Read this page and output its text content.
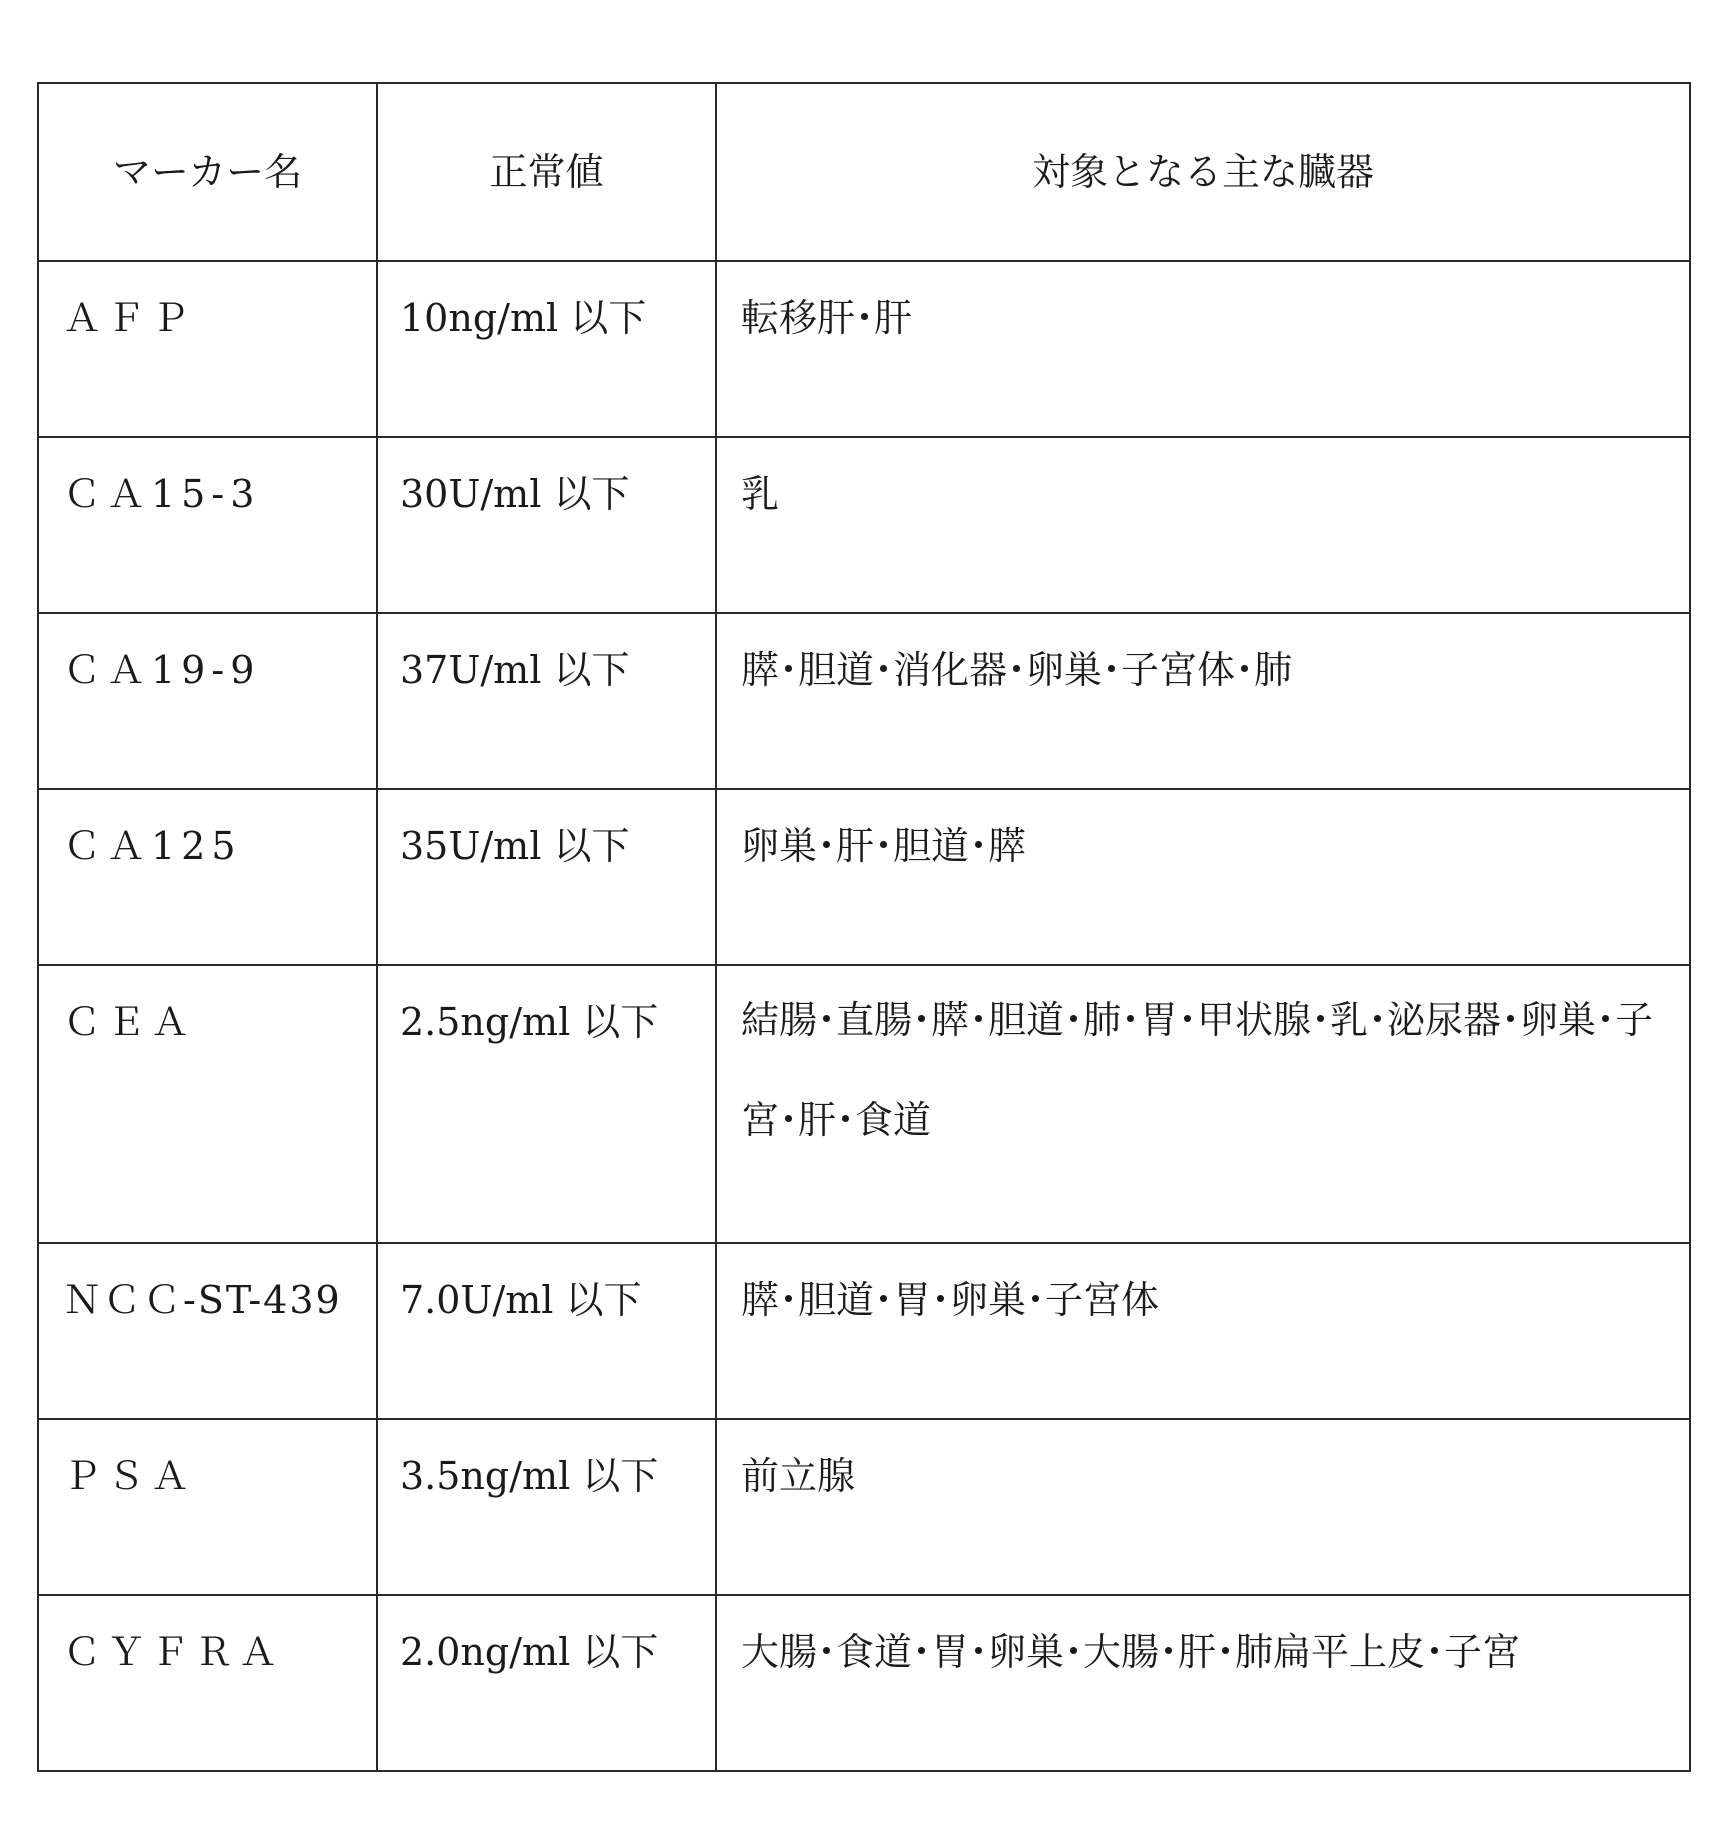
マーカー名	正常値	対象となる主な臓器
ＡＦＰ	10ng/ml 以下	転移肝･肝
ＣＡ15-3	30U/ml 以下	乳
ＣＡ19-9	37U/ml 以下	膵･胆道･消化器･卵巣･子宮体･肺
ＣＡ125	35U/ml 以下	卵巣･肝･胆道･膵
ＣＥＡ	2.5ng/ml 以下	結腸･直腸･膵･胆道･肺･胃･甲状腺･乳･泌尿器･卵巣･子宮･肝･食道
ＮＣＣ-ST-439	7.0U/ml 以下	膵･胆道･胃･卵巣･子宮体
ＰＳＡ	3.5ng/ml 以下	前立腺
ＣＹＦＲＡ	2.0ng/ml 以下	大腸･食道･胃･卵巣･大腸･肝･肺扁平上皮･子宮
